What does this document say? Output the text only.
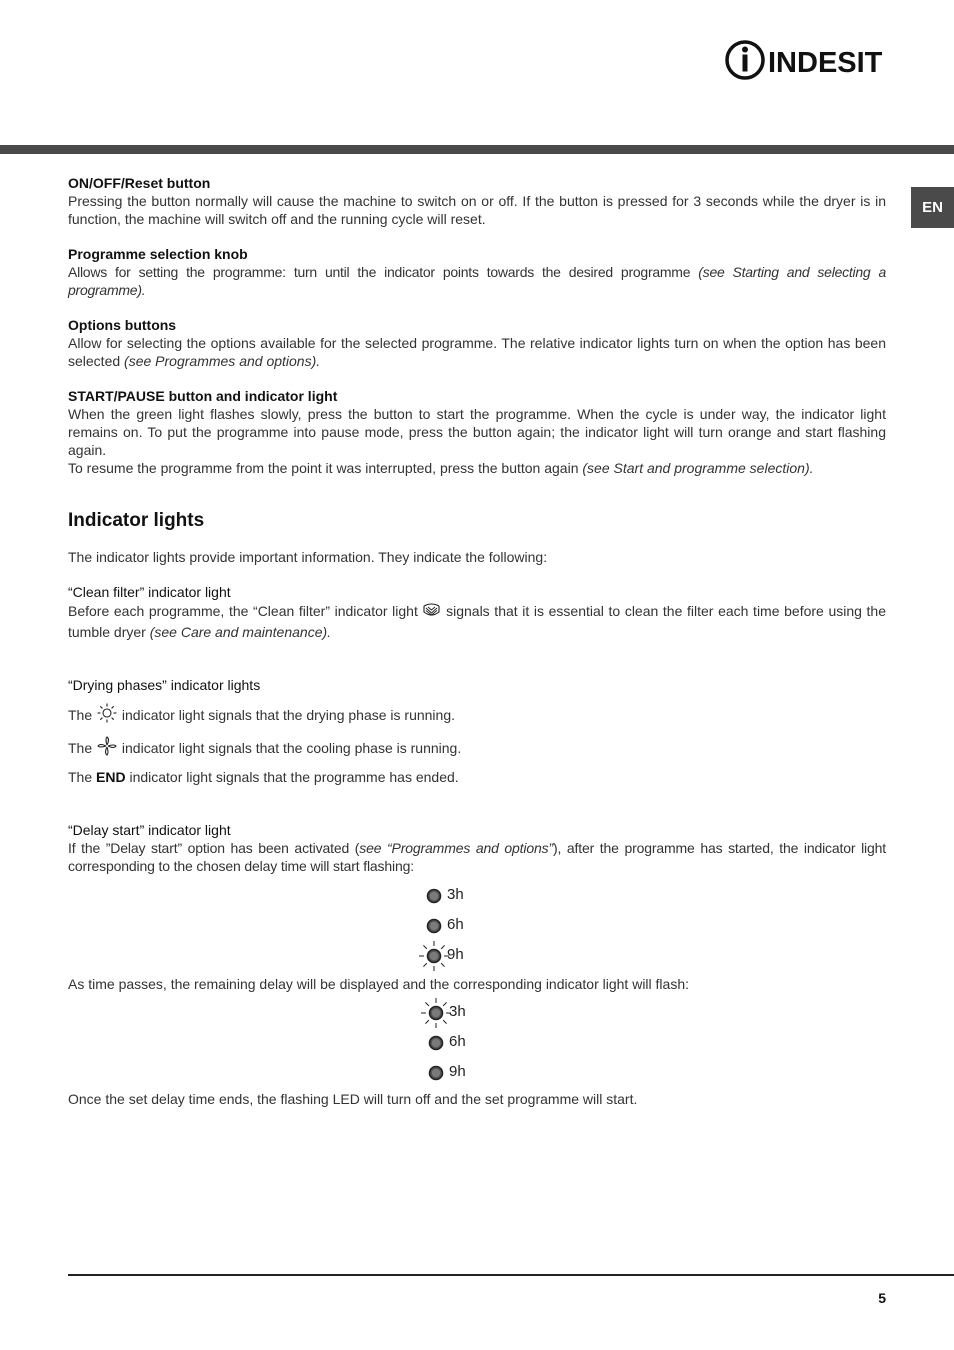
INDESIT
EN
ON/OFF/Reset button
Pressing the button normally will cause the machine to switch on or off. If the button is pressed for 3 seconds while the dryer is in function, the machine will switch off and the running cycle will reset.
Programme selection knob
Allows for setting the programme: turn until the indicator points towards the desired programme (see Starting and selecting a programme).
Options buttons
Allow for selecting the options available for the selected programme. The relative indicator lights turn on when the option has been selected (see Programmes and options).
START/PAUSE button and indicator light
When the green light flashes slowly, press the button to start the programme. When the cycle is under way, the indicator light remains on. To put the programme into pause mode, press the button again; the indicator light will turn orange and start flashing again.
To resume the programme from the point it was interrupted, press the button again (see Start and programme selection).
Indicator lights
The indicator lights provide important information. They indicate the following:
“Clean filter” indicator light
Before each programme, the “Clean filter” indicator light  signals that it is essential to clean the filter each time before using the tumble dryer (see Care and maintenance).
“Drying phases” indicator lights
The  indicator light signals that the drying phase is running.
The  indicator light signals that the cooling phase is running.
The END indicator light signals that the programme has ended.
“Delay start” indicator light
If the ”Delay start” option has been activated (see “Programmes and options”), after the programme has started, the indicator light corresponding to the chosen delay time will start flashing:
3h
6h
9h
As time passes, the remaining delay will be displayed and the corresponding indicator light will flash:
3h
6h
9h
Once the set delay time ends, the flashing LED will turn off and the set programme will start.
5
